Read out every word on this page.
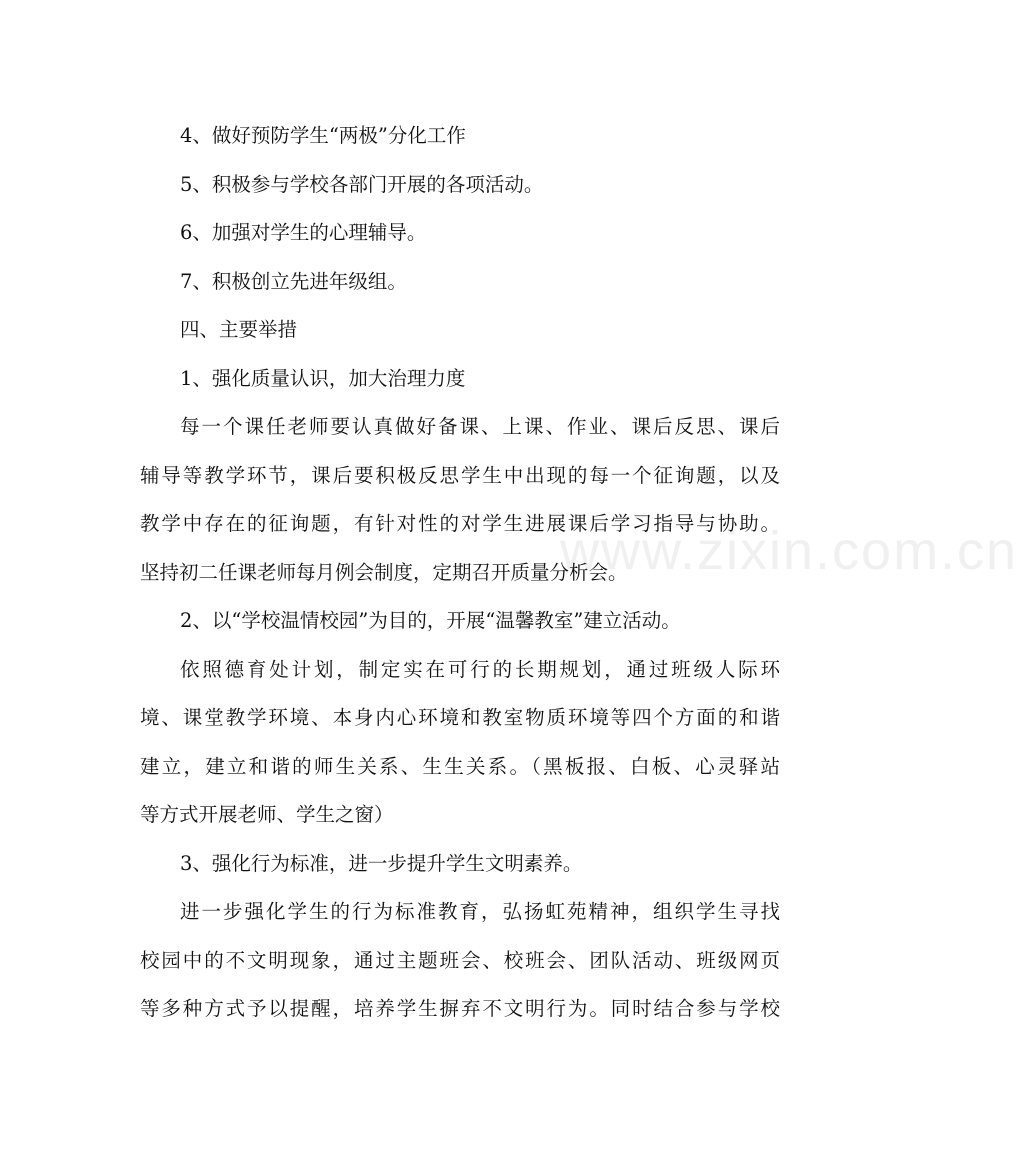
www.zixin.com.cn
4、做好预防学生“两极”分化工作
5、积极参与学校各部门开展的各项活动。
6、加强对学生的心理辅导。
7、积极创立先进年级组。
四、主要举措
1、强化质量认识，加大治理力度
每一个课任老师要认真做好备课、上课、作业、课后反思、课后
辅导等教学环节，课后要积极反思学生中出现的每一个征询题，以及
教学中存在的征询题，有针对性的对学生进展课后学习指导与协助。
坚持初二任课老师每月例会制度，定期召开质量分析会。
2、以“学校温情校园”为目的，开展“温馨教室”建立活动。
依照德育处计划，制定实在可行的长期规划，通过班级人际环
境、课堂教学环境、本身内心环境和教室物质环境等四个方面的和谐
建立，建立和谐的师生关系、生生关系。（黑板报、白板、心灵驿站
等方式开展老师、学生之窗）
3、强化行为标准，进一步提升学生文明素养。
进一步强化学生的行为标准教育，弘扬虹苑精神，组织学生寻找
校园中的不文明现象，通过主题班会、校班会、团队活动、班级网页
等多种方式予以提醒，培养学生摒弃不文明行为。同时结合参与学校
